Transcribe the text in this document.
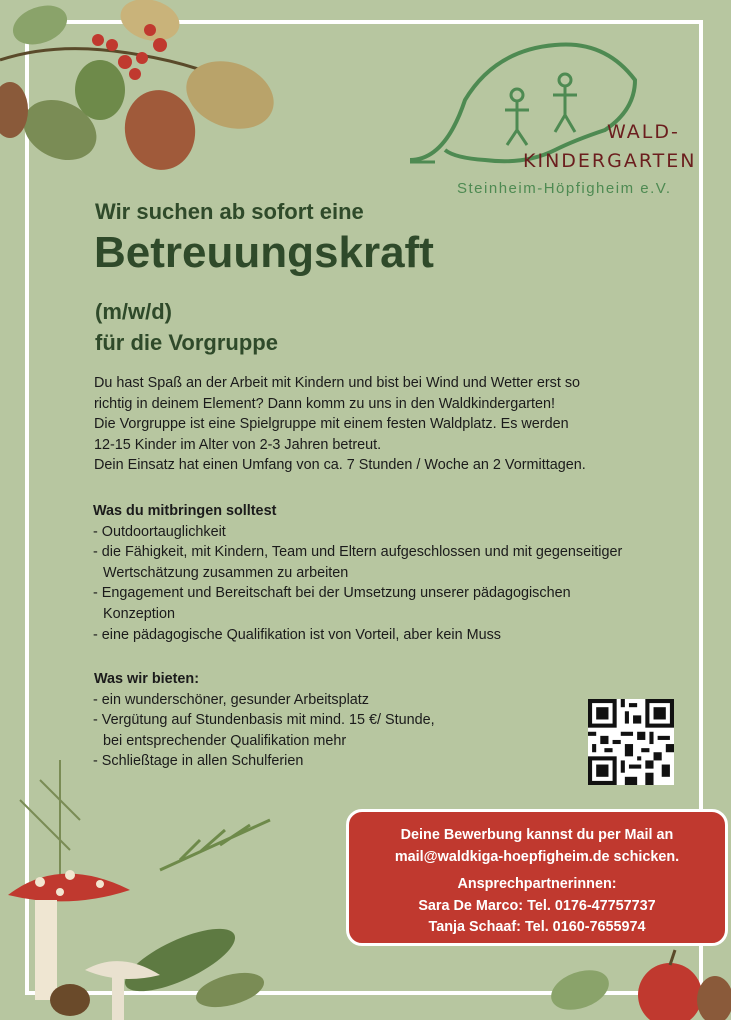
WALD-
KINDERGARTEN
Steinheim-Höpfigheim e.V.
Wir suchen ab sofort eine
Betreuungskraft
(m/w/d)
für die Vorgruppe
Du hast Spaß an der Arbeit mit Kindern und bist bei Wind und Wetter erst so
richtig in deinem Element? Dann komm zu uns in den Waldkindergarten!
Die Vorgruppe ist eine Spielgruppe mit einem festen Waldplatz. Es werden
12-15 Kinder im Alter von 2-3 Jahren betreut.
Dein Einsatz hat einen Umfang von ca. 7 Stunden / Woche an 2 Vormittagen.
Was du mitbringen solltest
- Outdoortauglichkeit
- die Fähigkeit, mit Kindern, Team und Eltern aufgeschlossen und mit gegenseitiger
Wertschätzung zusammen zu arbeiten
- Engagement und Bereitschaft bei der Umsetzung unserer pädagogischen
Konzeption
- eine pädagogische Qualifikation ist von Vorteil, aber kein Muss
Was wir bieten:
- ein wunderschöner, gesunder Arbeitsplatz
- Vergütung auf Stundenbasis mit mind. 15 €/ Stunde,
bei entsprechender Qualifikation mehr
- Schließtage in allen Schulferien
Deine Bewerbung kannst du per Mail an
mail@waldkiga-hoepfigheim.de schicken.
Ansprechpartnerinnen:
Sara De Marco: Tel. 0176-47757737
Tanja Schaaf: Tel. 0160-7655974
